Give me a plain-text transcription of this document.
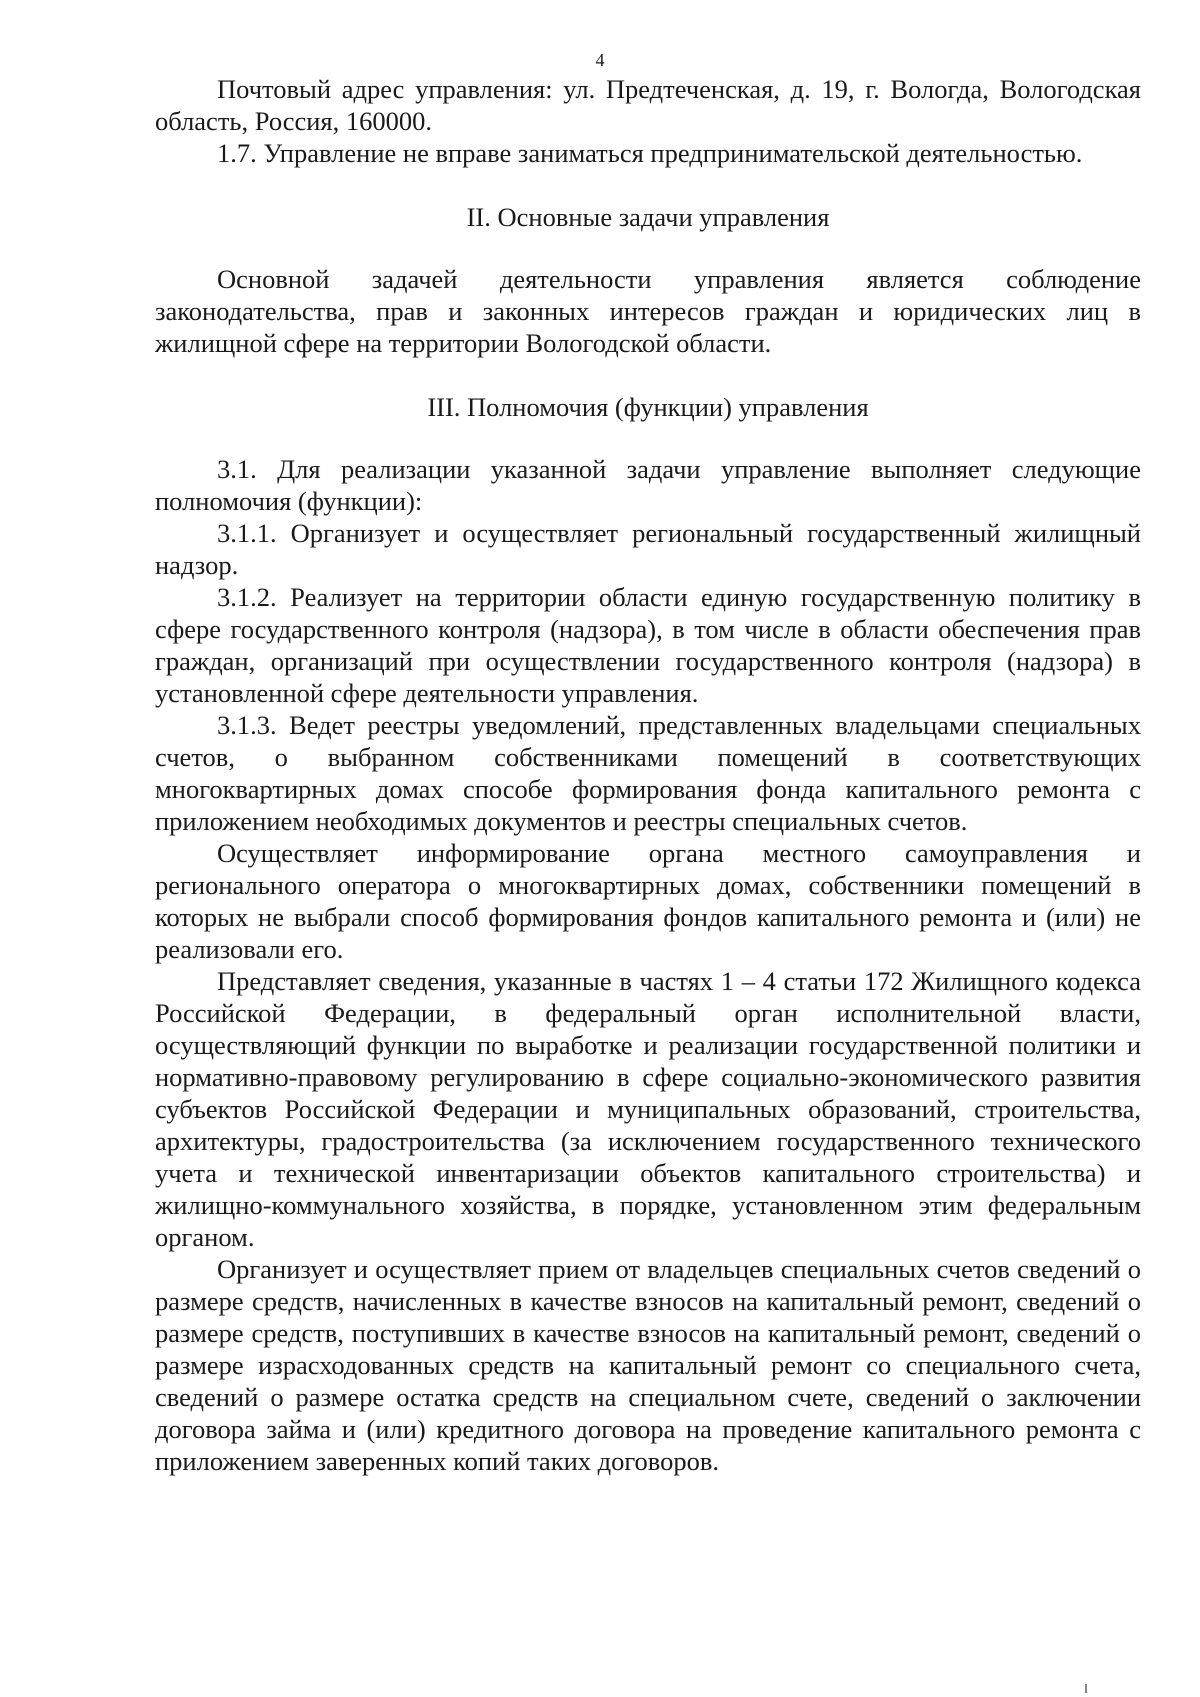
4

Почтовый адрес управления: ул. Предтеченская, д. 19, г. Вологда, Вологодская область, Россия, 160000.

1.7. Управление не вправе заниматься предпринимательской деятельностью.

II. Основные задачи управления

Основной задачей деятельности управления является соблюдение законодательства, прав и законных интересов граждан и юридических лиц в жилищной сфере на территории Вологодской области.

III. Полномочия (функции) управления

3.1. Для реализации указанной задачи управление выполняет следующие полномочия (функции):

3.1.1. Организует и осуществляет региональный государственный жилищный надзор.

3.1.2. Реализует на территории области единую государственную политику в сфере государственного контроля (надзора), в том числе в области обеспечения прав граждан, организаций при осуществлении государственного контроля (надзора) в установленной сфере деятельности управления.

3.1.3. Ведет реестры уведомлений, представленных владельцами специальных счетов, о выбранном собственниками помещений в соответствующих многоквартирных домах способе формирования фонда капитального ремонта с приложением необходимых документов и реестры специальных счетов.

Осуществляет информирование органа местного самоуправления и регионального оператора о многоквартирных домах, собственники помещений в которых не выбрали способ формирования фондов капитального ремонта и (или) не реализовали его.

Представляет сведения, указанные в частях 1 – 4 статьи 172 Жилищного кодекса Российской Федерации, в федеральный орган исполнительной власти, осуществляющий функции по выработке и реализации государственной политики и нормативно-правовому регулированию в сфере социально-экономического развития субъектов Российской Федерации и муниципальных образований, строительства, архитектуры, градостроительства (за исключением государственного технического учета и технической инвентаризации объектов капитального строительства) и жилищно-коммунального хозяйства, в порядке, установленном этим федеральным органом.

Организует и осуществляет прием от владельцев специальных счетов сведений о размере средств, начисленных в качестве взносов на капитальный ремонт, сведений о размере средств, поступивших в качестве взносов на капитальный ремонт, сведений о размере израсходованных средств на капитальный ремонт со специального счета, сведений о размере остатка средств на специальном счете, сведений о заключении договора займа и (или) кредитного договора на проведение капитального ремонта с приложением заверенных копий таких договоров.
